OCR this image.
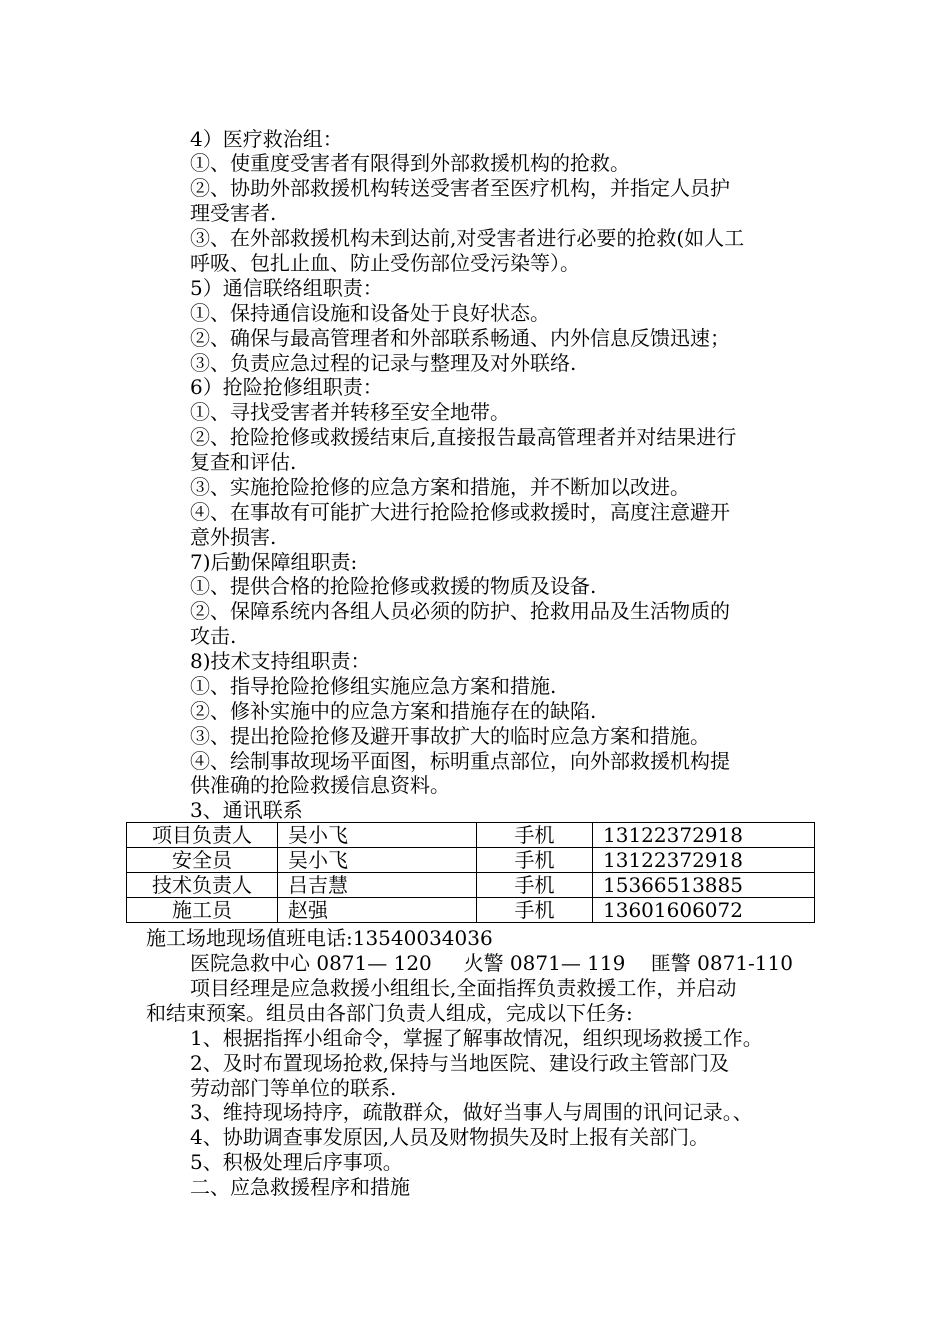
4）医疗救治组：
①、使重度受害者有限得到外部救援机构的抢救。
②、协助外部救援机构转送受害者至医疗机构，并指定人员护
理受害者.
③、在外部救援机构未到达前,对受害者进行必要的抢救(如人工
呼吸、包扎止血、防止受伤部位受污染等）。
5）通信联络组职责：
①、保持通信设施和设备处于良好状态。
②、确保与最高管理者和外部联系畅通、内外信息反馈迅速；
③、负责应急过程的记录与整理及对外联络.
6）抢险抢修组职责：
①、寻找受害者并转移至安全地带。
②、抢险抢修或救援结束后,直接报告最高管理者并对结果进行
复查和评估.
③、实施抢险抢修的应急方案和措施，并不断加以改进。
④、在事故有可能扩大进行抢险抢修或救援时，高度注意避开
意外损害.
7)后勤保障组职责:
①、提供合格的抢险抢修或救援的物质及设备.
②、保障系统内各组人员必须的防护、抢救用品及生活物质的
攻击.
8)技术支持组职责：
①、指导抢险抢修组实施应急方案和措施.
②、修补实施中的应急方案和措施存在的缺陷.
③、提出抢险抢修及避开事故扩大的临时应急方案和措施。
④、绘制事故现场平面图，标明重点部位，向外部救援机构提
供准确的抢险救援信息资料。
3、通讯联系
项目负责人	吴小飞	手机	13122372918
安全员	吴小飞	手机	13122372918
技术负责人	吕吉慧	手机	15366513885
施工员	赵强	手机	13601606072
施工场地现场值班电话:13540034036
医院急救中心 0871— 120     火警 0871— 119    匪警 0871-110
项目经理是应急救援小组组长,全面指挥负责救援工作，并启动
和结束预案。组员由各部门负责人组成，完成以下任务:
1、根据指挥小组命令，掌握了解事故情况，组织现场救援工作。
2、及时布置现场抢救,保持与当地医院、建设行政主管部门及
劳动部门等单位的联系.
3、维持现场持序，疏散群众，做好当事人与周围的讯问记录。、
4、协助调查事发原因,人员及财物损失及时上报有关部门。
5、积极处理后序事项。
二、应急救援程序和措施
